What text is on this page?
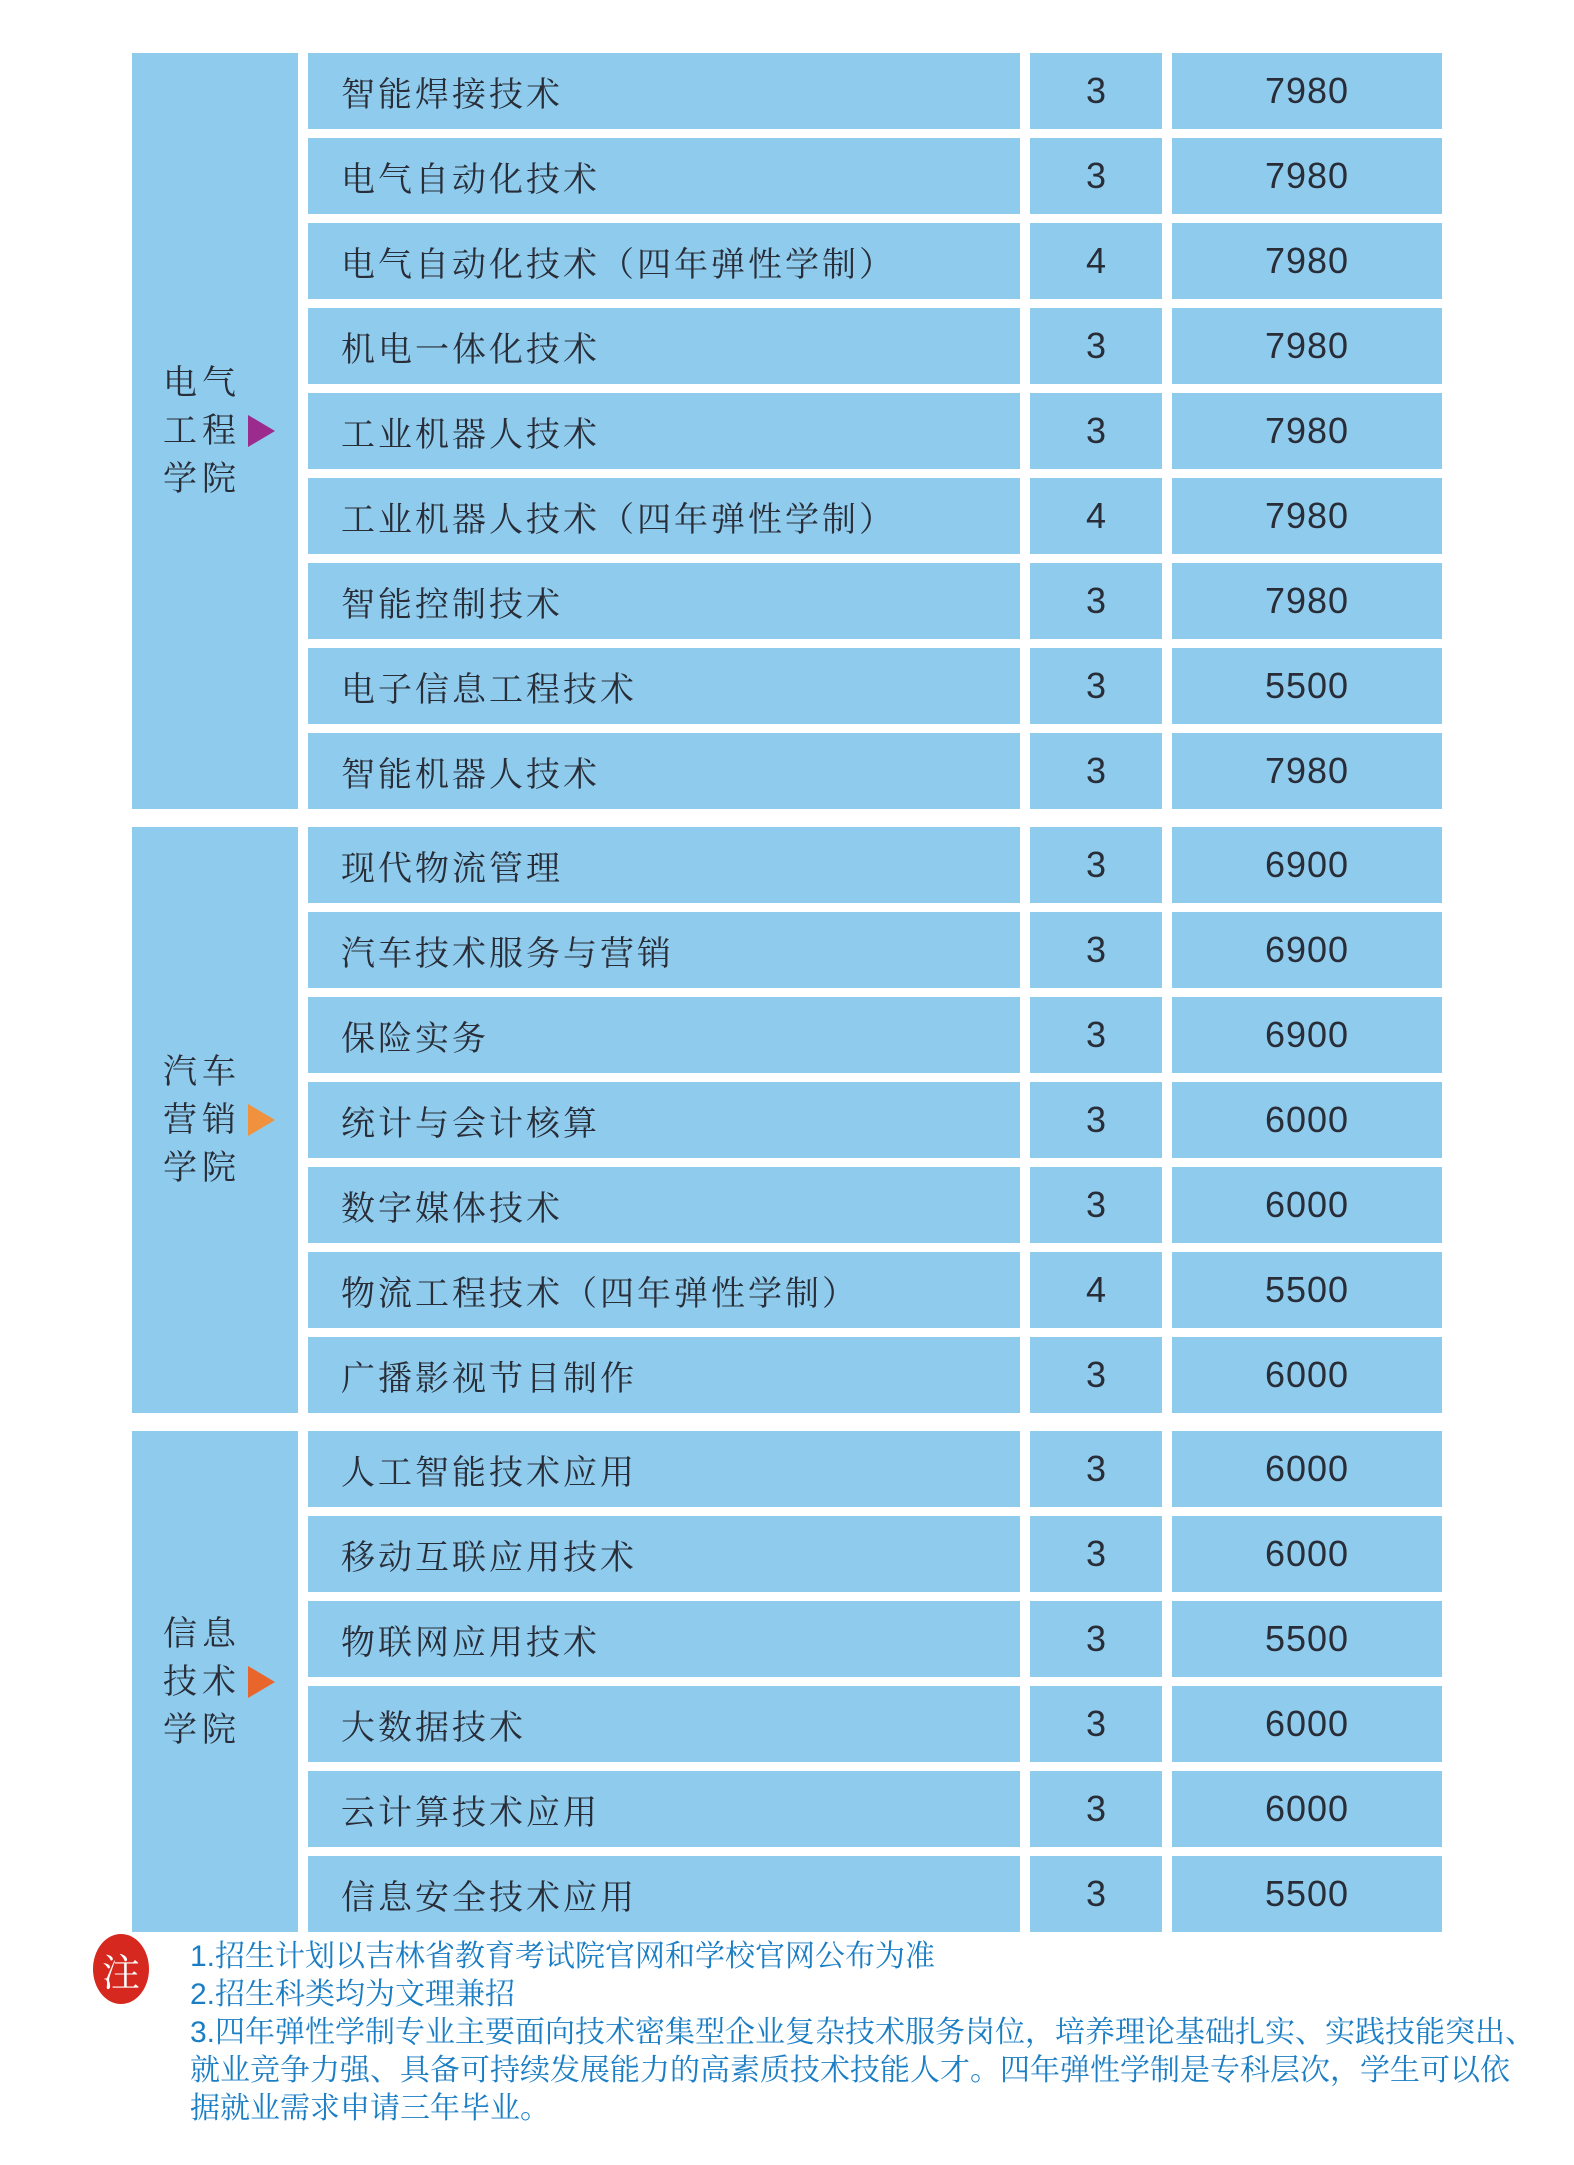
电气
工程
学院
智能焊接技术	3	7980
电气自动化技术	3	7980
电气自动化技术（四年弹性学制）	4	7980
机电一体化技术	3	7980
工业机器人技术	3	7980
工业机器人技术（四年弹性学制）	4	7980
智能控制技术	3	7980
电子信息工程技术	3	5500
智能机器人技术	3	7980
汽车
营销
学院
现代物流管理	3	6900
汽车技术服务与营销	3	6900
保险实务	3	6900
统计与会计核算	3	6000
数字媒体技术	3	6000
物流工程技术（四年弹性学制）	4	5500
广播影视节目制作	3	6000
信息
技术
学院
人工智能技术应用	3	6000
移动互联应用技术	3	6000
物联网应用技术	3	5500
大数据技术	3	6000
云计算技术应用	3	6000
信息安全技术应用	3	5500
注	1.招生计划以吉林省教育考试院官网和学校官网公布为准
2.招生科类均为文理兼招
3.四年弹性学制专业主要面向技术密集型企业复杂技术服务岗位，培养理论基础扎实、实践技能突出、
就业竞争力强、具备可持续发展能力的高素质技术技能人才。四年弹性学制是专科层次，学生可以依
据就业需求申请三年毕业。
